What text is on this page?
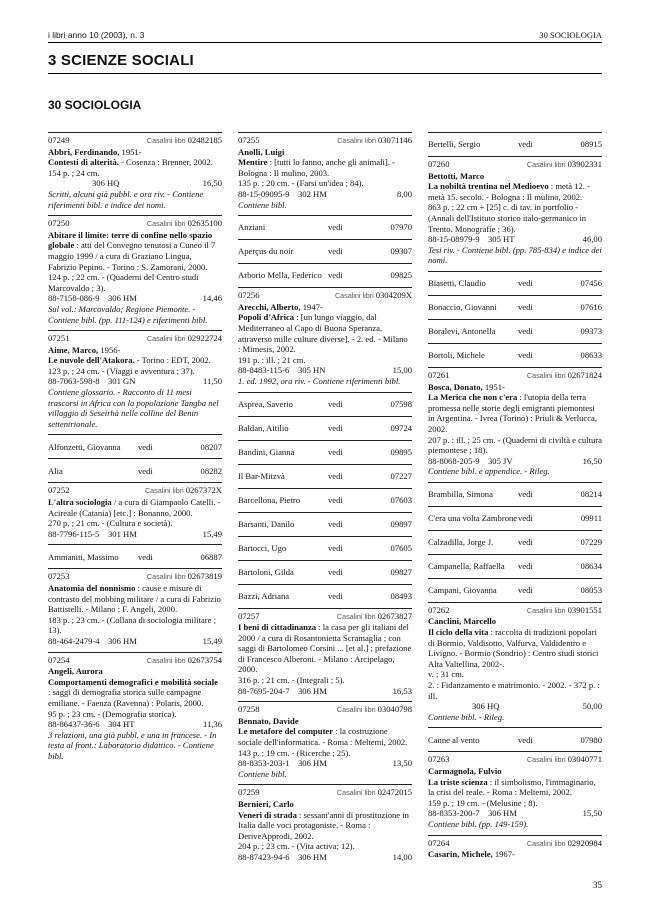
i libri anno 10 (2003), n. 3	30 SOCIOLOGIA
3 SCIENZE SOCIALI
30 SOCIOLOGIA
07249	Casalini libri 02482185
Abbri, Ferdinando, 1951-
Contesti di alterità. - Cosenza : Brenner, 2002.
154 p. ; 24 cm.
306 HQ	16,50
Scritti, alcuni già pubbl. e ora riv. - Contiene riferimenti bibl. e indice dei nomi.
07250	Casalini libri 02635100
Abitare il limite: terre di confine nello spazio globale : atti del Convegno tenutosi a Cuneo il 7 maggio 1999 / a cura di Graziano Lingua, Fabrizio Pepino. - Torino : S. Zamorani, 2000.
124 p. ; 22 cm. - (Quaderni del Centro studi Marcovaldo ; 3).
88-7158-086-9 306 HM	14,46
Sul vol.: Marcovaldo; Regione Piemonte. - Contiene bibl. (pp. 111-124) e riferimenti bibl.
07251	Casalini libri 02922724
Aime, Marco, 1956-
Le nuvole dell'Atakora. - Torino : EDT, 2002.
123 p. ; 24 cm. - (Viaggi e avventura ; 37).
88-7063-598-8 301 GN	11,50
Contiene glossario. - Racconto di 11 mesi trascorsi in Africa con la popolazione Tangba nel villaggio di Seseirhà nelle colline del Benin settentrionale.
Alfonzetti, Giovanna	vedi	08207
Alia	vedi	08282
07252	Casalini libri 0267372X
L'altra sociologia / a cura di Giampaolo Catelli. - Acireale (Catania) [etc.] : Bonanno, 2000.
270 p. ; 21 cm. - (Cultura e società).
88-7796-115-5	301 HM	15,49
Ammaniti, Massimo	vedi	06887
07253	Casalini libri 02673819
Anatomia del nonnismo : cause e misure di contrasto del mobbing militare / a cura di Fabrizio Battistelli. - Milano : F. Angeli, 2000.
183 p. ; 23 cm. - (Collana di sociologia militare ; 13).
88-464-2479-4 306 HM	15,49
07254	Casalini libri 02673754
Angeli, Aurora
Comportamenti demografici e mobilità sociale : saggi di demografia storica sulle campagne emiliane. - Faenza (Ravenna) : Polaris, 2000.
95 p. ; 23 cm. - (Demografia storica).
88-86437-36-6 304 HT	11,36
3 relazioni, una già pubbl. e una in francese. - In testa al front.: Laboratorio didattico. - Contiene bibl.
07255	Casalini libri 03071146
Anolli, Luigi
Mentire : [tutti lo fanno, anche gli animali]. - Bologna : Il mulino, 2003.
135 p. ; 20 cm. - (Farsi un'idea ; 84).
88-15-09095-9 302 HM	8,00
Contiene bibl.
Anziani	vedi	07970
Aperçus du noir	vedi	09307
Arborio Mella, Federico vedi	09825
07256	Casalini libri 0304209X
Arecchi, Alberto, 1947-
Popoli d'Africa : [un lungo viaggio, dal Mediterraneo al Capo di Buona Speranza, attraverso mille culture diverse]. - 2. ed. - Milano : Mimesis, 2002.
191 p. : ill. ; 21 cm.
88-8483-115-6	305 HN	15,00
1. ed. 1992, ora riv. - Contiene riferimenti bibl.
Asprea, Saverio	vedi	07598
Baldan, Attilio	vedi	09724
Bandini, Gianna	vedi	09895
Il Bar-Mitzvà	vedi	07227
Barcellona, Pietro	vedi	07603
Barsanti, Danilo	vedi	09897
Bartocci, Ugo	vedi	07605
Bartoloni, Gilda	vedi	09827
Bazzi, Adriana	vedi	08493
07257	Casalini libri 02673827
I beni di cittadinanza : la casa per gli italiani del 2000 / a cura di Rosantonietta Scramaglia ; con saggi di Bartolomeo Corsini ... [et al.] ; prefazione di Francesco Alberoni. - Milano : Arcipelago, 2000.
316 p. ; 21 cm. - (Integrali ; 5).
88-7695-204-7 306 HM	16,53
07258	Casalini libri 03040798
Bennato, Davide
Le metafore del computer : la costruzione sociale dell'informatica. - Roma : Meltemi, 2002.
143 p. ; 19 cm. - (Ricerche ; 25).
88-8353-203-1 306 HM	13,50
Contiene bibl.
07259	Casalini libri 02472015
Bernieri, Carlo
Veneri di strada : sessant'anni di prostituzione in Italia dalle voci protagoniste. - Roma : DeriveApprodi, 2002.
204 p. ; 23 cm. - (Vita activa; 12).
88-87423-94-6 306 HM	14,00
Bertelli, Sergio	vedi	08915
07260	Casalini libri 03902331
Bettotti, Marco
La nobiltà trentina nel Medioevo : metà 12. -metà 15. secolo. - Bologna : Il mulino, 2002.
863 p. ; 22 cm + [25] c. di tav. in portfolio - (Annali dell'Istituto storico italo-germanico in Trento. Monografie ; 36).
88-15-08979-9 305 HT	46,00
Tesi riv. - Contiene bibl. (pp. 785-834) e indice dei nomi.
Biasetti, Claudio	vedi	07456
Bonaccio, Giovanni	vedi	07616
Boralevi, Antonella	vedi	09373
Bortoli, Michele	vedi	08633
07261	Casalini libri 02671824
Bosca, Donato, 1951-
La Merica che non c'era : l'utopia della terra promessa nelle storie degli emigranti piemontesi in Argentina. - Ivrea (Torino) : Priuli & Verlucca, 2002.
207 p. : ill. ; 25 cm. - (Quaderni di civiltà e cultura piemontese ; 18).
88-8068-205-9 305 JV	16,50
Contiene bibl. e appendice. - Rileg.
Brambilla, Simona	vedi	08214
C'era una volta Zambrone vedi	09911
Calzadilla, Jorge J.	vedi	07229
Campanella, Raffaella	vedi	08634
Campani, Giovanna	vedi	08053
07262	Casalini libri 03901551
Canclini, Marcello
Il ciclo della vita : raccolta di tradizioni popolari di Bormio, Valdisotto, Valfurva, Valdidentro e Livigno. - Bormio (Sondrio) : Centro studi storici Alta Valtellina, 2002-.
v. ; 31 cm.
2. : Fidanzamento e matrimonio. - 2002. - 372 p. : ill.
306 HQ	50,00
Contiene bibl. - Rileg.
Canne al vento	vedi	07980
07263	Casalini libri 03040771
Carmagnola, Fulvio
La triste scienza : il simbolismo, l'immaginario, la crisi del reale. - Roma : Meltemi, 2002.
159 p. ; 19 cm. - (Melusine ; 8).
88-8353-200-7 306 HM	15,50
Contiene bibl. (pp. 149-159).
07264	Casalini libri 02920984
Casarin, Michele, 1967-
35
